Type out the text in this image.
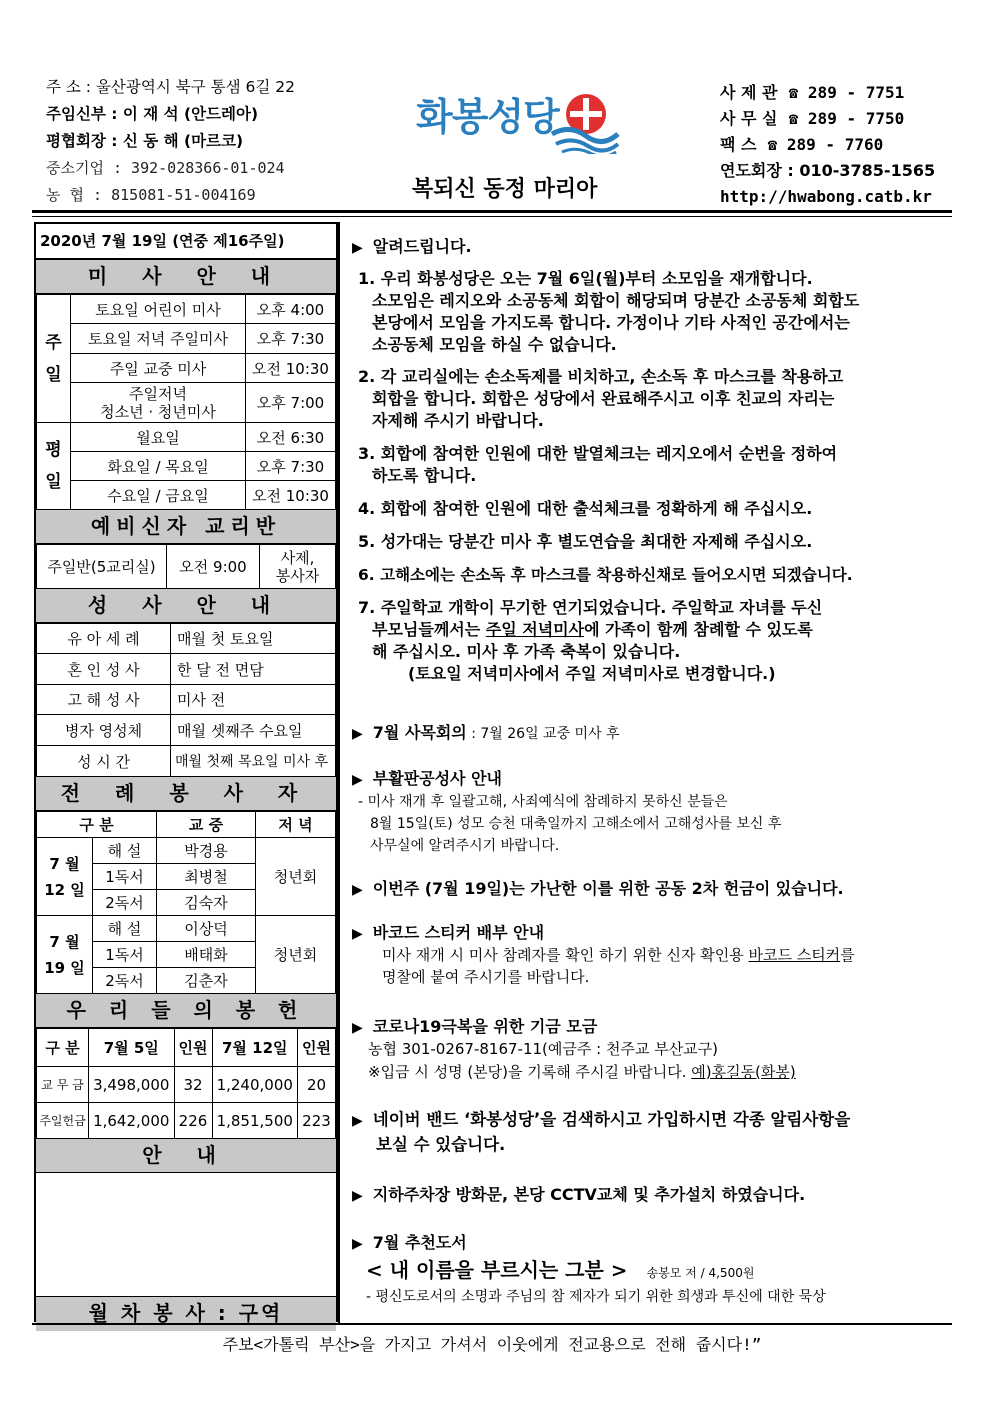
주 소 : 울산광역시 북구 통샘 6길 22
주임신부 : 이 재 석 (안드레아)
평협회장 : 신 동 해 (마르코)
중소기업 : 392-028366-01-024
농 협 : 815081-51-004169
화봉성당
복되신 동정 마리아
사 제 관 ☎ 289 - 7751
사 무 실 ☎ 289 - 7750
팩 스 ☎ 289 - 7760
연도회장 : 010-3785-1565
http://hwabong.catb.kr
2020년 7월 19일 (연중 제16주일)
미 사 안 내
주 일	토요일 어린이 미사	오후 4:00
	토요일 저녁 주일미사	오후 7:30
	주일 교중 미사	오전 10:30
	주일저녁
청소년 · 청년미사	오후 7:00
평 일	월요일	오전 6:30
	화요일 / 목요일	오후 7:30
	수요일 / 금요일	오전 10:30
예비신자 교리반
주일반(5교리실)	오전 9:00	사제,
봉사자
성 사 안 내
유 아 세 례	매월 첫 토요일
혼 인 성 사	한 달 전 면담
고 해 성 사	미사 전
병자 영성체	매월 셋째주 수요일
성 시 간	매월 첫째 목요일 미사 후
전 례 봉 사 자
구 분		교 중	저 녁
7 월
12 일	해 설	박경용	청년회
	1독서	최병철	
	2독서	김숙자	
7 월
19 일	해 설	이상덕	청년회
	1독서	배태화	
	2독서	김춘자	
우 리 들 의 봉 헌
구 분	7월 5일	인원	7월 12일	인원
교 무 금	3,498,000	32	1,240,000	20
주일헌금	1,642,000	226	1,851,500	223
안 내
월 차 봉 사 : 구역
▶ 알려드립니다.
1. 우리 화봉성당은 오는 7월 6일(월)부터 소모임을 재개합니다.
소모임은 레지오와 소공동체 회합이 해당되며 당분간 소공동체 회합도
본당에서 모임을 가지도록 합니다. 가정이나 기타 사적인 공간에서는
소공동체 모임을 하실 수 없습니다.
2. 각 교리실에는 손소독제를 비치하고, 손소독 후 마스크를 착용하고
회합을 합니다. 회합은 성당에서 완료해주시고 이후 친교의 자리는
자제해 주시기 바랍니다.
3. 회합에 참여한 인원에 대한 발열체크는 레지오에서 순번을 정하여
하도록 합니다.
4. 회합에 참여한 인원에 대한 출석체크를 정확하게 해 주십시오.
5. 성가대는 당분간 미사 후 별도연습을 최대한 자제해 주십시오.
6. 고해소에는 손소독 후 마스크를 착용하신채로 들어오시면 되겠습니다.
7. 주일학교 개학이 무기한 연기되었습니다. 주일학교 자녀를 두신
부모님들께서는 주일 저녁미사에 가족이 함께 참례할 수 있도록
해 주십시오. 미사 후 가족 축복이 있습니다.
(토요일 저녁미사에서 주일 저녁미사로 변경합니다.)
▶ 7월 사목회의 : 7월 26일 교중 미사 후
▶ 부활판공성사 안내
- 미사 재개 후 일괄고해, 사죄예식에 참례하지 못하신 분들은
8월 15일(토) 성모 승천 대축일까지 고해소에서 고해성사를 보신 후
사무실에 알려주시기 바랍니다.
▶ 이번주 (7월 19일)는 가난한 이를 위한 공동 2차 헌금이 있습니다.
▶ 바코드 스티커 배부 안내
미사 재개 시 미사 참례자를 확인 하기 위한 신자 확인용 바코드 스티커를
명찰에 붙여 주시기를 바랍니다.
▶ 코로나19극복을 위한 기금 모금
농협 301-0267-8167-11(예금주 : 천주교 부산교구)
※입금 시 성명 (본당)을 기록해 주시길 바랍니다. 예)홍길동(화봉)
▶ 네이버 밴드 ‘화봉성당’을 검색하시고 가입하시면 각종 알림사항을
보실 수 있습니다.
▶ 지하주차장 방화문, 본당 CCTV교체 및 추가설치 하였습니다.
▶ 7월 추천도서
< 내 이름을 부르시는 그분 > 송봉모 저 / 4,500원
- 평신도로서의 소명과 주님의 참 제자가 되기 위한 희생과 투신에 대한 묵상
주보<가톨릭 부산>을 가지고 가셔서 이웃에게 전교용으로 전해 줍시다!”
